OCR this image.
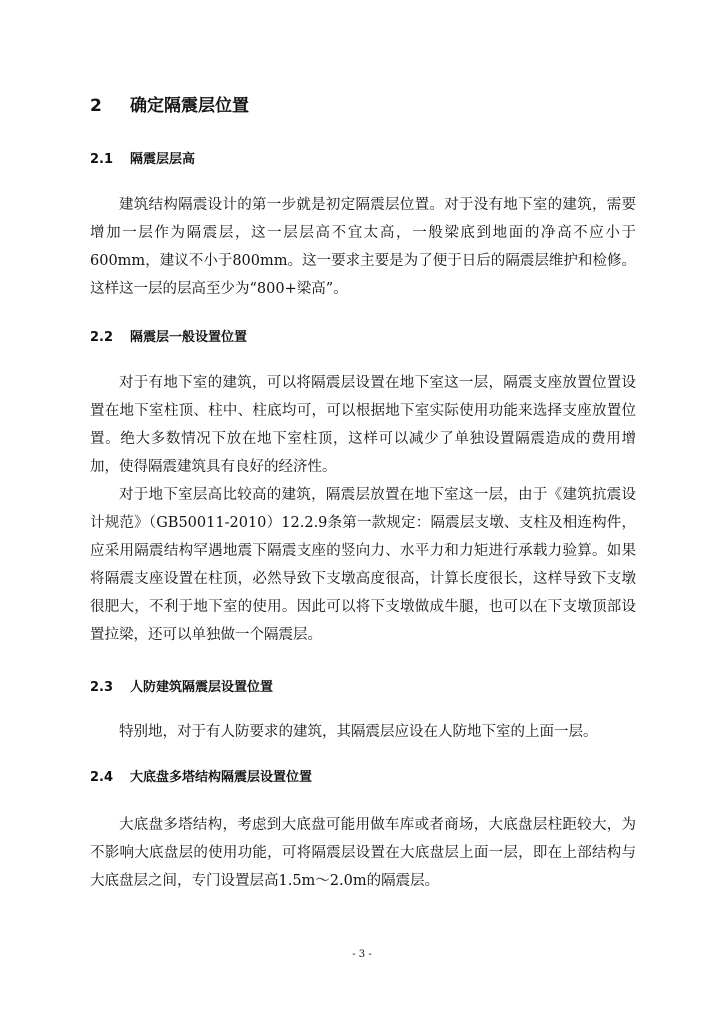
2 确定隔震层位置
2.1 隔震层层高

建筑结构隔震设计的第一步就是初定隔震层位置。对于没有地下室的建筑，需要增加一层作为隔震层，这一层层高不宜太高，一般梁底到地面的净高不应小于600mm，建议不小于800mm。这一要求主要是为了便于日后的隔震层维护和检修。这样这一层的层高至少为“800+梁高”。

2.2 隔震层一般设置位置

对于有地下室的建筑，可以将隔震层设置在地下室这一层，隔震支座放置位置设置在地下室柱顶、柱中、柱底均可，可以根据地下室实际使用功能来选择支座放置位置。绝大多数情况下放在地下室柱顶，这样可以减少了单独设置隔震造成的费用增加，使得隔震建筑具有良好的经济性。

对于地下室层高比较高的建筑，隔震层放置在地下室这一层，由于《建筑抗震设计规范》（GB50011-2010）12.2.9条第一款规定：隔震层支墩、支柱及相连构件，应采用隔震结构罕遇地震下隔震支座的竖向力、水平力和力矩进行承载力验算。如果将隔震支座设置在柱顶，必然导致下支墩高度很高，计算长度很长，这样导致下支墩很肥大，不利于地下室的使用。因此可以将下支墩做成牛腿，也可以在下支墩顶部设置拉梁，还可以单独做一个隔震层。

2.3 人防建筑隔震层设置位置

特别地，对于有人防要求的建筑，其隔震层应设在人防地下室的上面一层。

2.4 大底盘多塔结构隔震层设置位置

大底盘多塔结构，考虑到大底盘可能用做车库或者商场，大底盘层柱距较大，为不影响大底盘层的使用功能，可将隔震层设置在大底盘层上面一层，即在上部结构与大底盘层之间，专门设置层高1.5m～2.0m的隔震层。

- 3 -
